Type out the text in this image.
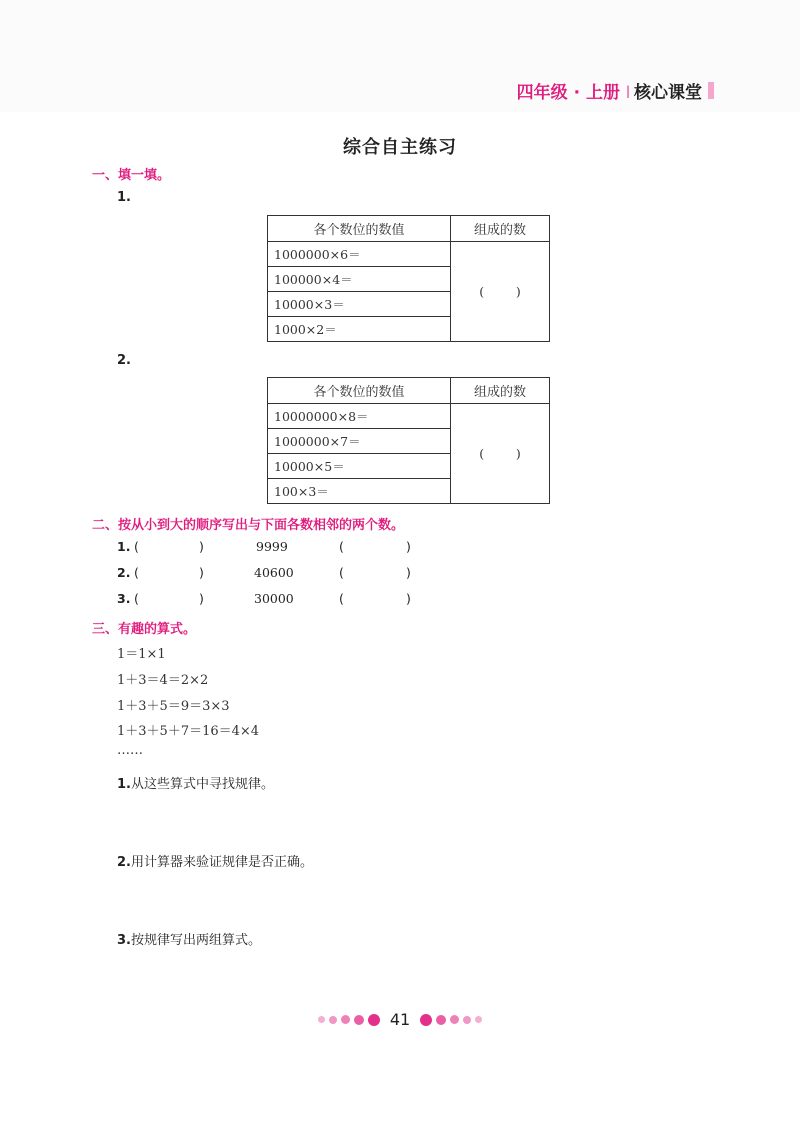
四年级 · 上册 | 核心课堂
综合自主练习
一、填一填。
1.
各个数位的数值	组成的数
1000000×6＝	(        )
100000×4＝	
10000×3＝	
1000×2＝	
2.
各个数位的数值	组成的数
10000000×8＝	(        )
1000000×7＝	
10000×5＝	
100×3＝	
二、按从小到大的顺序写出与下面各数相邻的两个数。
1. (	)	9999	(	)
2. (	)	40600	(	)
3. (	)	30000	(	)
三、有趣的算式。
1＝1×1
1＋3＝4＝2×2
1＋3＋5＝9＝3×3
1＋3＋5＋7＝16＝4×4
……
1.从这些算式中寻找规律。
2.用计算器来验证规律是否正确。
3.按规律写出两组算式。
41
